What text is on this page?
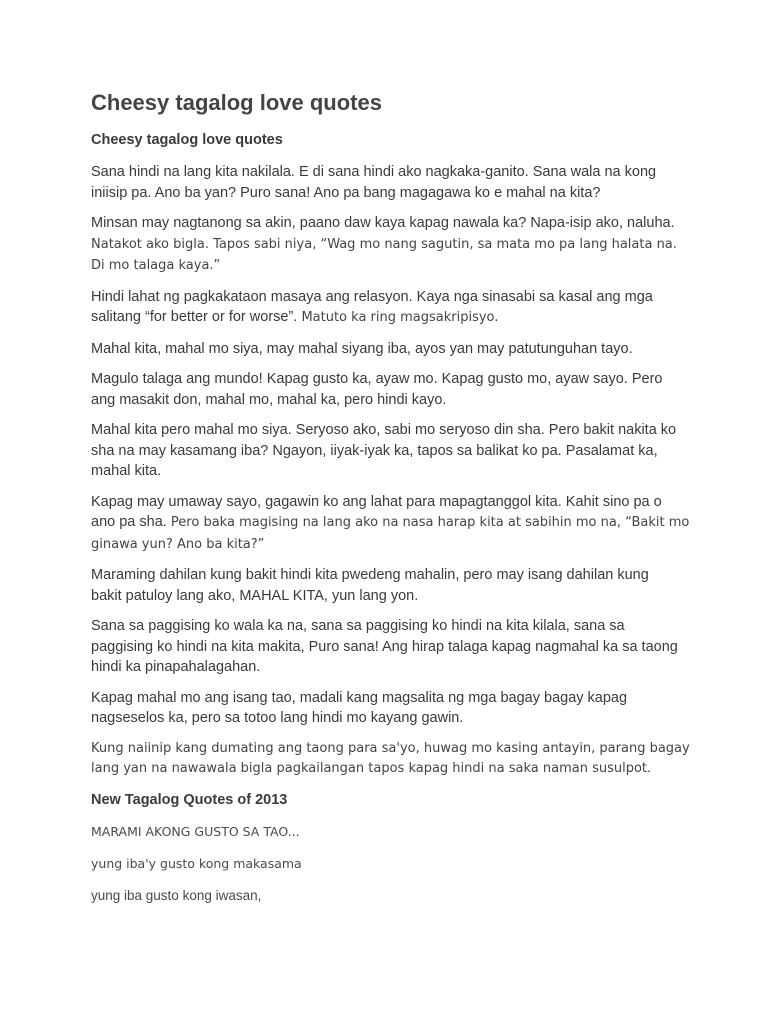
Cheesy tagalog love quotes
Cheesy tagalog love quotes

Sana hindi na lang kita nakilala. E di sana hindi ako nagkaka-ganito. Sana wala na kong
iniisip pa. Ano ba yan? Puro sana! Ano pa bang magagawa ko e mahal na kita?

Minsan may nagtanong sa akin, paano daw kaya kapag nawala ka? Napa-isip ako, naluha.
Natakot ako bigla. Tapos sabi niya, “Wag mo nang sagutin, sa mata mo pa lang halata na.
Di mo talaga kaya.”

Hindi lahat ng pagkakataon masaya ang relasyon. Kaya nga sinasabi sa kasal ang mga
salitang “for better or for worse”. Matuto ka ring magsakripisyo.

Mahal kita, mahal mo siya, may mahal siyang iba, ayos yan may patutunguhan tayo.

Magulo talaga ang mundo! Kapag gusto ka, ayaw mo. Kapag gusto mo, ayaw sayo. Pero
ang masakit don, mahal mo, mahal ka, pero hindi kayo.

Mahal kita pero mahal mo siya. Seryoso ako, sabi mo seryoso din sha. Pero bakit nakita ko
sha na may kasamang iba? Ngayon, iiyak-iyak ka, tapos sa balikat ko pa. Pasalamat ka,
mahal kita.

Kapag may umaway sayo, gagawin ko ang lahat para mapagtanggol kita. Kahit sino pa o
ano pa sha. Pero baka magising na lang ako na nasa harap kita at sabihin mo na, “Bakit mo
ginawa yun? Ano ba kita?”

Maraming dahilan kung bakit hindi kita pwedeng mahalin, pero may isang dahilan kung
bakit patuloy lang ako, MAHAL KITA, yun lang yon.

Sana sa paggising ko wala ka na, sana sa paggising ko hindi na kita kilala, sana sa
paggising ko hindi na kita makita, Puro sana! Ang hirap talaga kapag nagmahal ka sa taong
hindi ka pinapahalagahan.

Kapag mahal mo ang isang tao, madali kang magsalita ng mga bagay bagay kapag
nagseselos ka, pero sa totoo lang hindi mo kayang gawin.

Kung naiinip kang dumating ang taong para sa'yo, huwag mo kasing antayin, parang bagay
lang yan na nawawala bigla pagkailangan tapos kapag hindi na saka naman susulpot.

New Tagalog Quotes of 2013

MARAMI AKONG GUSTO SA TAO...

yung iba'y gusto kong makasama

yung iba gusto kong iwasan,
